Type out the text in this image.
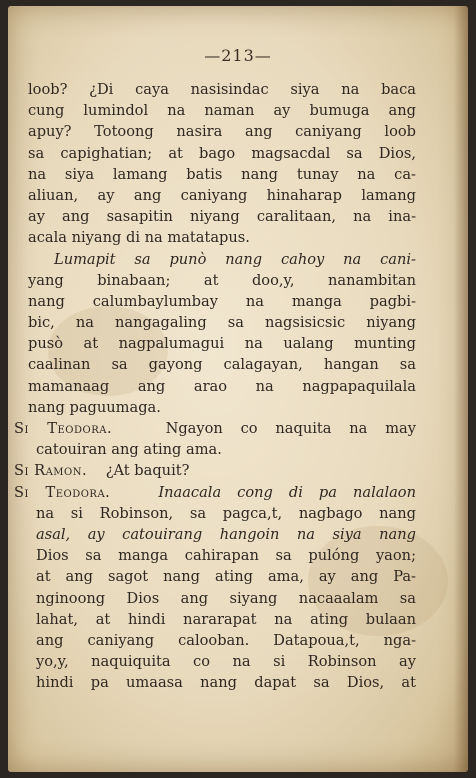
—213—
loob? ¿Di caya nasisindac siya na baca
cung lumindol na naman ay bumuga ang
apuy? Totoong nasira ang caniyang loob
sa capighatian; at bago magsacdal sa Dios,
na siya lamang batis nang tunay na ca-
aliuan, ay ang caniyang hinaharap lamang
ay ang sasapitin niyang caralitaan, na ina-
acala niyang di na matatapus.
Lumapit sa punò nang cahoy na cani-
yang binabaan; at doo,y, nanambitan
nang calumbaylumbay na manga pagbi-
bic, na nangagaling sa nagsisicsic niyang
pusò at nagpalumagui na ualang munting
caalinan sa gayong calagayan, hangan sa
mamanaag ang arao na nagpapaquilala
nang paguumaga.
Si Teodora.	Ngayon co naquita na may
catouiran ang ating ama.
Si Ramon. ¿At baquit?
Si Teodora.	Inaacala cong di pa nalalaon
na si Robinson, sa pagca,t, nagbago nang
asal, ay catouirang hangoin na siya nang
Dios sa manga cahirapan sa pulóng yaon;
at ang sagot nang ating ama, ay ang Pa-
nginoong Dios ang siyang nacaaalam sa
lahat, at hindi nararapat na ating bulaan
ang caniyang calooban. Datapoua,t, nga-
yo,y, naquiquita co na si Robinson ay
hindi pa umaasa nang dapat sa Dios, at
